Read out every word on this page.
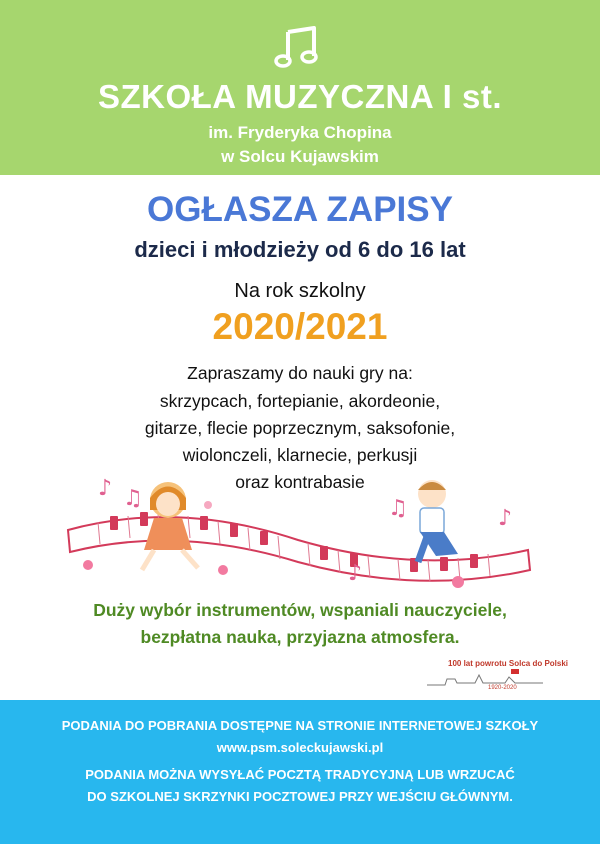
SZKOŁA MUZYCZNA I st.
im. Fryderyka Chopina
w Solcu Kujawskim
OGŁASZA ZAPISY
dzieci i młodzieży od 6 do 16 lat
Na rok szkolny
2020/2021
Zapraszamy do nauki gry na:
skrzypcach, fortepianie, akordeonie,
gitarze, flecie poprzecznym, saksofonie,
wiolonczeli, klarnecie, perkusji
oraz kontrabasie
♪ ♫
♪
♫	♪
Duży wybór instrumentów, wspaniali nauczyciele,
bezpłatna nauka, przyjazna atmosfera.
100 lat powrotu Solca do Polski
1920-2020
PODANIA DO POBRANIA DOSTĘPNE NA STRONIE INTERNETOWEJ SZKOŁY
www.psm.soleckujawski.pl
PODANIA MOŻNA WYSYŁAĆ POCZTĄ TRADYCYJNĄ LUB WRZUCAĆ
DO SZKOLNEJ SKRZYNKI POCZTOWEJ PRZY WEJŚCIU GŁÓWNYM.
